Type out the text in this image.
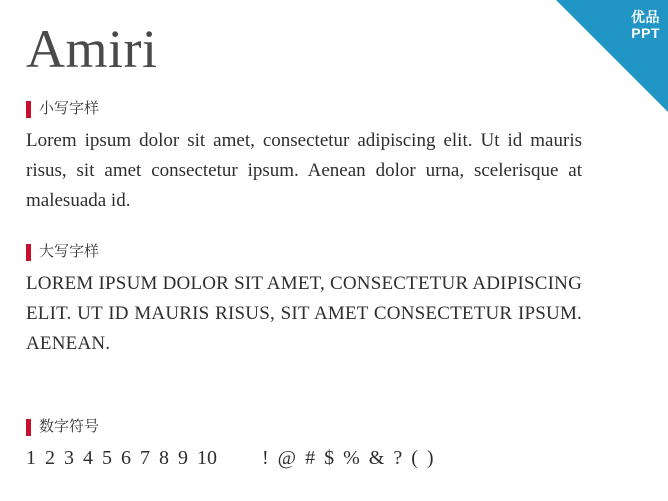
优品
PPT
Amiri
小写字样
Lorem ipsum dolor sit amet, consectetur adipiscing elit. Ut id mauris risus, sit amet consectetur ipsum. Aenean dolor urna, scelerisque at malesuada id.
大写字样
LOREM IPSUM DOLOR SIT AMET, CONSECTETUR ADIPISCING ELIT. UT ID MAURIS RISUS, SIT AMET CONSECTETUR IPSUM. AENEAN.
数字符号
1 2 3 4 5 6 7 8 9 10 ! @ # $ % & ? ( )
